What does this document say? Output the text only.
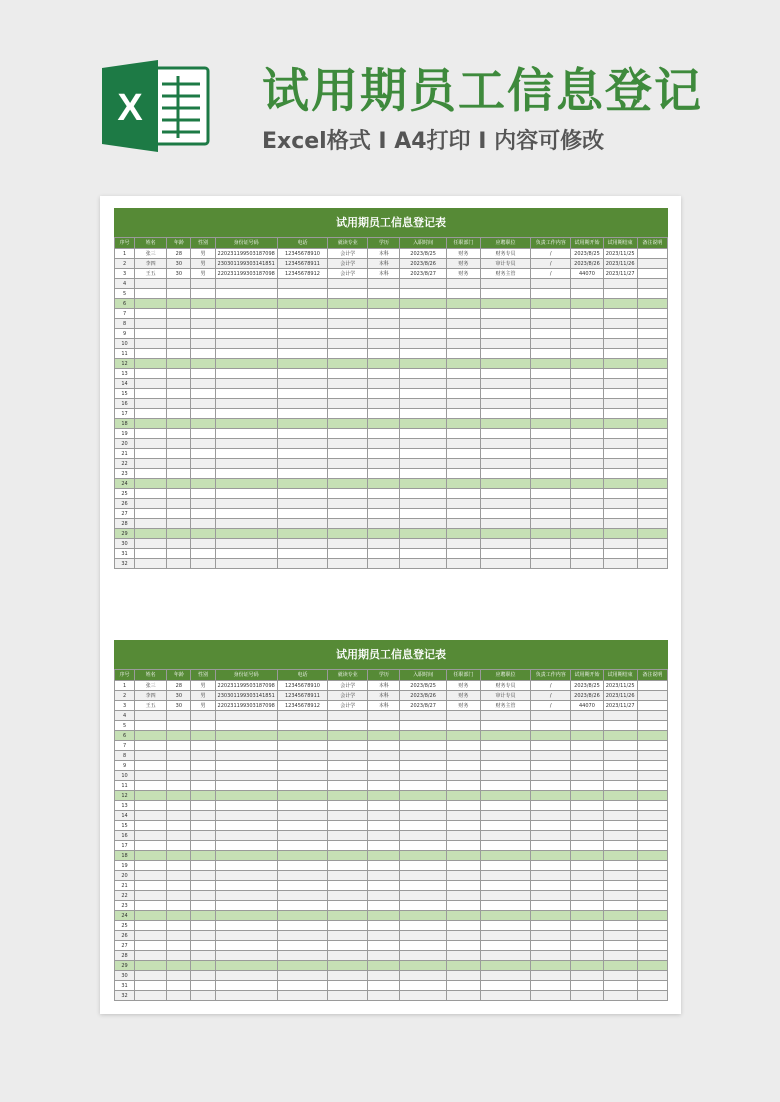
X	试用期员工信息登记
Excel格式 I A4打印 I 内容可修改
试用期员工信息登记表
序号	姓名	年龄	性别	身份证号码	电话	就读专业	学历	入职时间	任职部门	应聘职位	负责工作内容	试用期开始	试用期结束	备注说明
1	张三	28	男	220231199503187098	12345678910	会计学	本科	2023/8/25	财务	财务专员	/	2023/8/25	2023/11/25	
2	李四	30	男	230301199303141851	12345678911	会计学	本科	2023/8/26	财务	审计专员	/	2023/8/26	2023/11/26	
3	王五	30	男	220231199303187098	12345678912	会计学	本科	2023/8/27	财务	财务主管	/	44070	2023/11/27	
4														
5														
6														
7														
8														
9														
10														
11														
12														
13														
14														
15														
16														
17														
18														
19														
20														
21														
22														
23														
24														
25														
26														
27														
28														
29														
30														
31														
32														
试用期员工信息登记表
序号	姓名	年龄	性别	身份证号码	电话	就读专业	学历	入职时间	任职部门	应聘职位	负责工作内容	试用期开始	试用期结束	备注说明
1	张三	28	男	220231199503187098	12345678910	会计学	本科	2023/8/25	财务	财务专员	/	2023/8/25	2023/11/25	
2	李四	30	男	230301199303141851	12345678911	会计学	本科	2023/8/26	财务	审计专员	/	2023/8/26	2023/11/26	
3	王五	30	男	220231199303187098	12345678912	会计学	本科	2023/8/27	财务	财务主管	/	44070	2023/11/27	
4														
5														
6														
7														
8														
9														
10														
11														
12														
13														
14														
15														
16														
17														
18														
19														
20														
21														
22														
23														
24														
25														
26														
27														
28														
29														
30														
31														
32														
